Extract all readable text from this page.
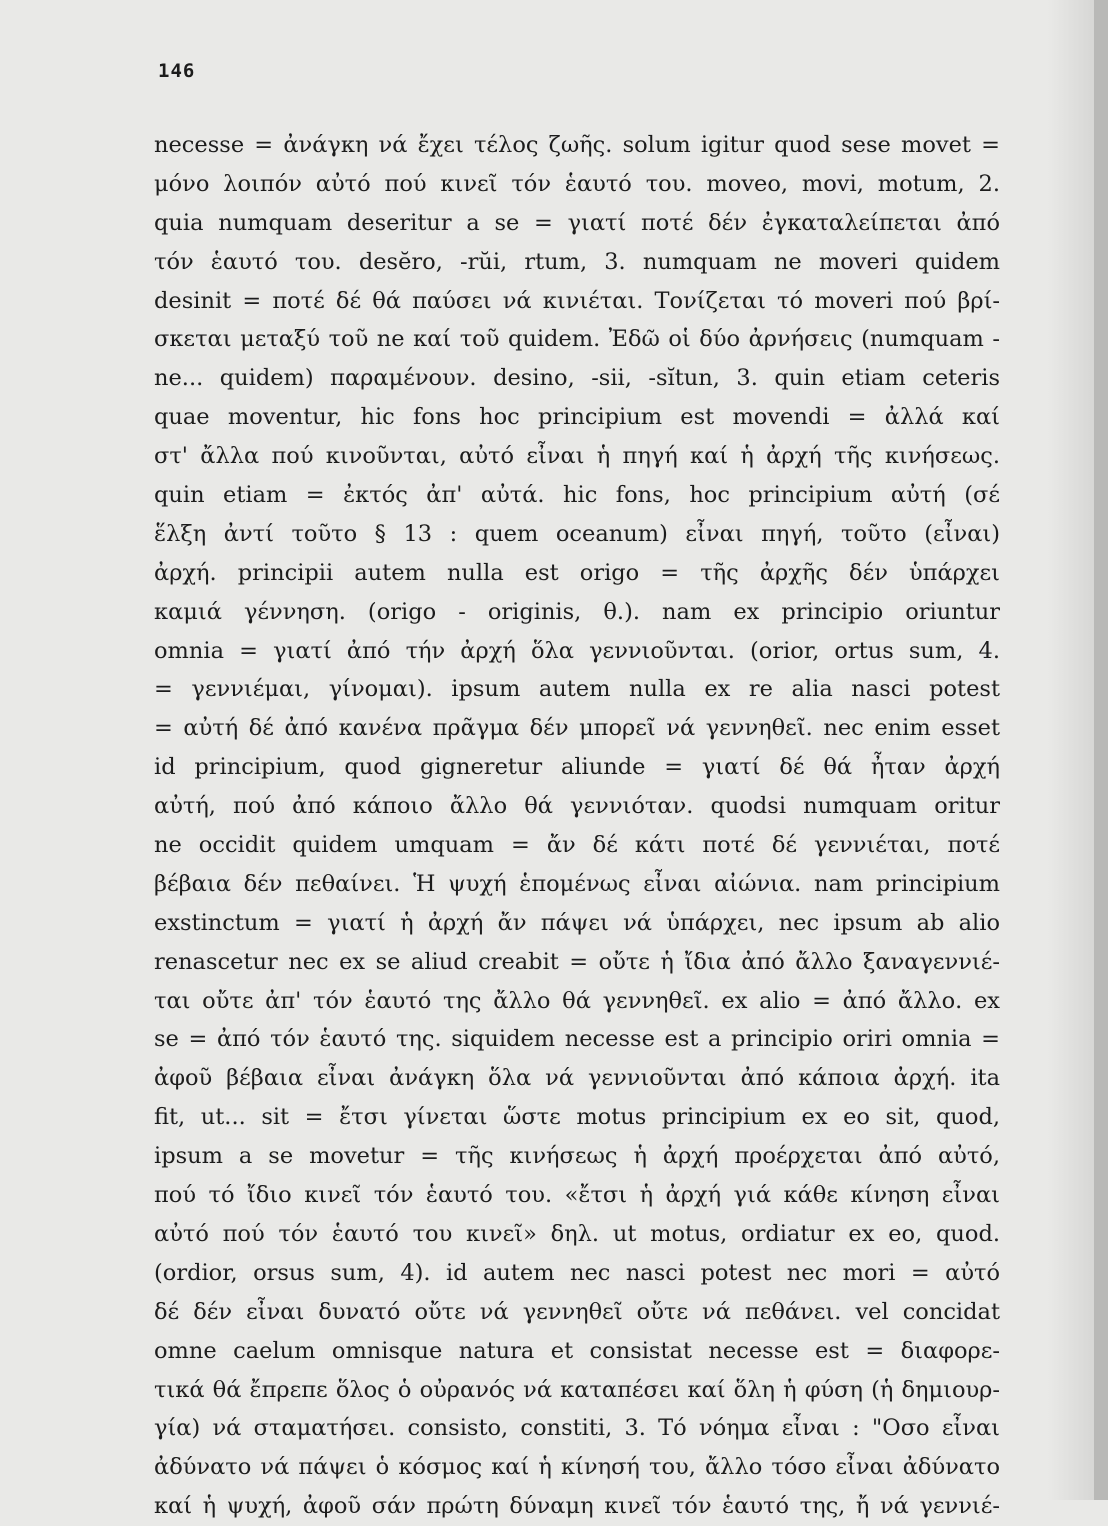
146
necesse = ἀνάγκη νά ἔχει τέλος ζωῆς. solum igitur quod sese movet =
μόνο λοιπόν αὐτό πού κινεῖ τόν ἑαυτό του. moveo, movi, motum, 2.
quia numquam deseritur a se = γιατί ποτέ δέν ἐγκαταλείπεται ἀπό
τόν ἑαυτό του. desĕro, -rŭi, rtum, 3. numquam ne moveri quidem
desinit = ποτέ δέ θά παύσει νά κινιέται. Τονίζεται τό moveri πού βρί-
σκεται μεταξύ τοῦ ne καί τοῦ quidem. Ἐδῶ οἱ δύο ἀρνήσεις (numquam -
ne... quidem) παραμένουν. desino, -sii, -sĭtun, 3. quin etiam ceteris
quae moventur, hic fons hoc principium est movendi = ἀλλά καί
στ' ἄλλα πού κινοῦνται, αὐτό εἶναι ἡ πηγή καί ἡ ἀρχή τῆς κινήσεως.
quin etiam = ἐκτός ἀπ' αὐτά. hic fons, hoc principium αὐτή (σέ
ἕλξη ἀντί τοῦτο § 13 : quem oceanum) εἶναι πηγή, τοῦτο (εἶναι)
ἀρχή. principii autem nulla est origo = τῆς ἀρχῆς δέν ὑπάρχει
καμιά γέννηση. (origo - originis, θ.). nam ex principio oriuntur
omnia = γιατί ἀπό τήν ἀρχή ὅλα γεννιοῦνται. (orior, ortus sum, 4.
= γεννιέμαι, γίνομαι). ipsum autem nulla ex re alia nasci potest
= αὐτή δέ ἀπό κανένα πρᾶγμα δέν μπορεῖ νά γεννηθεῖ. nec enim esset
id principium, quod gigneretur aliunde = γιατί δέ θά ἦταν ἀρχή
αὐτή, πού ἀπό κάποιο ἄλλο θά γεννιόταν. quodsi numquam oritur
ne occidit quidem umquam = ἄν δέ κάτι ποτέ δέ γεννιέται, ποτέ
βέβαια δέν πεθαίνει. Ἡ ψυχή ἑπομένως εἶναι αἰώνια. nam principium
exstinctum = γιατί ἡ ἀρχή ἄν πάψει νά ὑπάρχει, nec ipsum ab alio
renascetur nec ex se aliud creabit = οὔτε ἡ ἴδια ἀπό ἄλλο ξαναγεννιέ-
ται οὔτε ἀπ' τόν ἑαυτό της ἄλλο θά γεννηθεῖ. ex alio = ἀπό ἄλλο. ex
se = ἀπό τόν ἑαυτό της. siquidem necesse est a principio oriri omnia =
ἀφοῦ βέβαια εἶναι ἀνάγκη ὅλα νά γεννιοῦνται ἀπό κάποια ἀρχή. ita
fit, ut... sit = ἔτσι γίνεται ὥστε motus principium ex eo sit, quod,
ipsum a se movetur = τῆς κινήσεως ἡ ἀρχή προέρχεται ἀπό αὐτό,
πού τό ἴδιο κινεῖ τόν ἑαυτό του. «ἔτσι ἡ ἀρχή γιά κάθε κίνηση εἶναι
αὐτό πού τόν ἑαυτό του κινεῖ» δηλ. ut motus, ordiatur ex eo, quod.
(ordior, orsus sum, 4). id autem nec nasci potest nec mori = αὐτό
δέ δέν εἶναι δυνατό οὔτε νά γεννηθεῖ οὔτε νά πεθάνει. vel concidat
omne caelum omnisque natura et consistat necesse est = διαφορε-
τικά θά ἔπρεπε ὅλος ὁ οὐρανός νά καταπέσει καί ὅλη ἡ φύση (ἡ δημιουρ-
γία) νά σταματήσει. consisto, constiti, 3. Τό νόημα εἶναι : "Οσο εἶναι
ἀδύνατο νά πάψει ὁ κόσμος καί ἡ κίνησή του, ἄλλο τόσο εἶναι ἀδύνατο
καί ἡ ψυχή, ἀφοῦ σάν πρώτη δύναμη κινεῖ τόν ἑαυτό της, ἤ νά γεννιέ-
